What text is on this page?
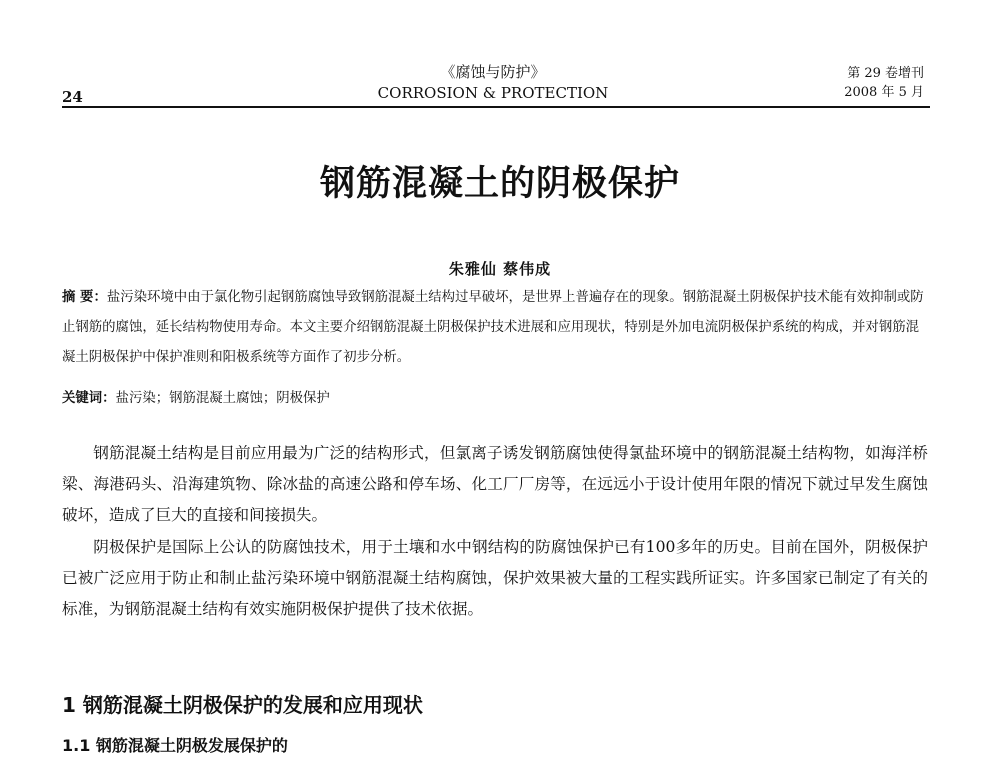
24
《腐蚀与防护》
CORROSION & PROTECTION
第 29 卷增刊
2008 年 5 月
钢筋混凝土的阴极保护
朱雅仙 蔡伟成

摘 要：盐污染环境中由于氯化物引起钢筋腐蚀导致钢筋混凝土结构过早破坏，是世界上普遍存在的现象。钢筋混凝土阴极保护技术能有效抑制或防止钢筋的腐蚀，延长结构物使用寿命。本文主要介绍钢筋混凝土阴极保护技术进展和应用现状，特别是外加电流阴极保护系统的构成，并对钢筋混凝土阴极保护中保护准则和阳极系统等方面作了初步分析。

关键词：盐污染；钢筋混凝土腐蚀；阴极保护

钢筋混凝土结构是目前应用最为广泛的结构形式，但氯离子诱发钢筋腐蚀使得氯盐环境中的钢筋混凝土结构物，如海洋桥梁、海港码头、沿海建筑物、除冰盐的高速公路和停车场、化工厂厂房等，在远远小于设计使用年限的情况下就过早发生腐蚀破坏，造成了巨大的直接和间接损失。

阴极保护是国际上公认的防腐蚀技术，用于土壤和水中钢结构的防腐蚀保护已有100多年的历史。目前在国外，阴极保护已被广泛应用于防止和制止盐污染环境中钢筋混凝土结构腐蚀，保护效果被大量的工程实践所证实。许多国家已制定了有关的标准，为钢筋混凝土结构有效实施阴极保护提供了技术依据。

1 钢筋混凝土阴极保护的发展和应用现状
1.1 钢筋混凝土阴极发展保护的
